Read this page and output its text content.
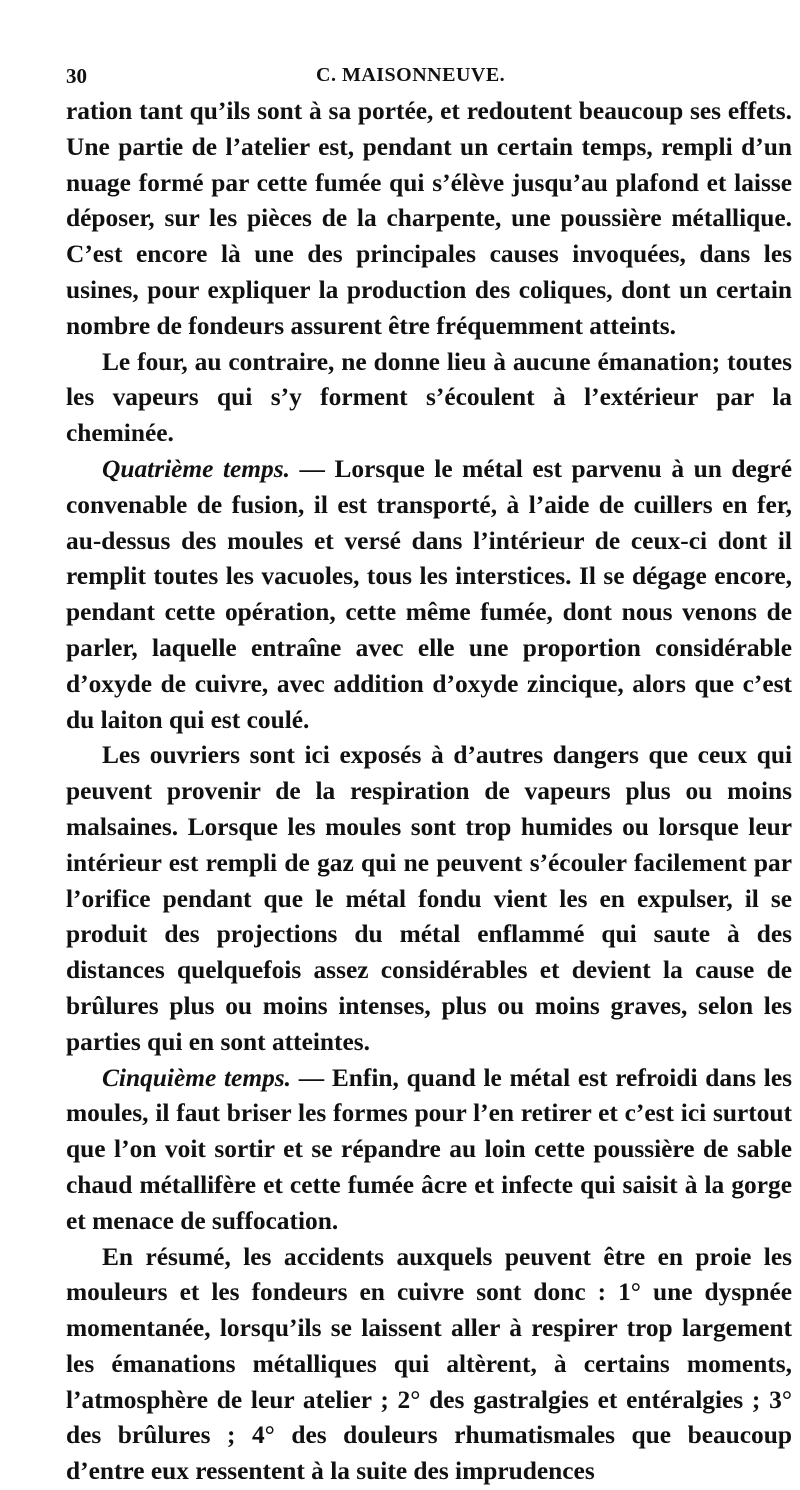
30	C. MAISONNEUVE.

ration tant qu’ils sont à sa portée, et redoutent beaucoup ses effets. Une partie de l’atelier est, pendant un certain temps, rempli d’un nuage formé par cette fumée qui s’élève jusqu’au plafond et laisse déposer, sur les pièces de la charpente, une poussière métallique. C’est encore là une des principales causes invoquées, dans les usines, pour expliquer la production des coliques, dont un certain nombre de fondeurs assurent être fréquemment atteints.

Le four, au contraire, ne donne lieu à aucune émanation; toutes les vapeurs qui s’y forment s’écoulent à l’extérieur par la cheminée.

Quatrième temps. — Lorsque le métal est parvenu à un degré convenable de fusion, il est transporté, à l’aide de cuillers en fer, au-dessus des moules et versé dans l’intérieur de ceux-ci dont il remplit toutes les vacuoles, tous les interstices. Il se dégage encore, pendant cette opération, cette même fumée, dont nous venons de parler, laquelle entraîne avec elle une proportion considérable d’oxyde de cuivre, avec addition d’oxyde zincique, alors que c’est du laiton qui est coulé.

Les ouvriers sont ici exposés à d’autres dangers que ceux qui peuvent provenir de la respiration de vapeurs plus ou moins malsaines. Lorsque les moules sont trop humides ou lorsque leur intérieur est rempli de gaz qui ne peuvent s’écouler facilement par l’orifice pendant que le métal fondu vient les en expulser, il se produit des projections du métal enflammé qui saute à des distances quelquefois assez considérables et devient la cause de brûlures plus ou moins intenses, plus ou moins graves, selon les parties qui en sont atteintes.

Cinquième temps. — Enfin, quand le métal est refroidi dans les moules, il faut briser les formes pour l’en retirer et c’est ici surtout que l’on voit sortir et se répandre au loin cette poussière de sable chaud métallifère et cette fumée âcre et infecte qui saisit à la gorge et menace de suffocation.

En résumé, les accidents auxquels peuvent être en proie les mouleurs et les fondeurs en cuivre sont donc : 1° une dyspnée momentanée, lorsqu’ils se laissent aller à respirer trop largement les émanations métalliques qui altèrent, à certains moments, l’atmosphère de leur atelier ; 2° des gastralgies et entéralgies ; 3° des brûlures ; 4° des douleurs rhumatismales que beaucoup d’entre eux ressentent à la suite des imprudences
